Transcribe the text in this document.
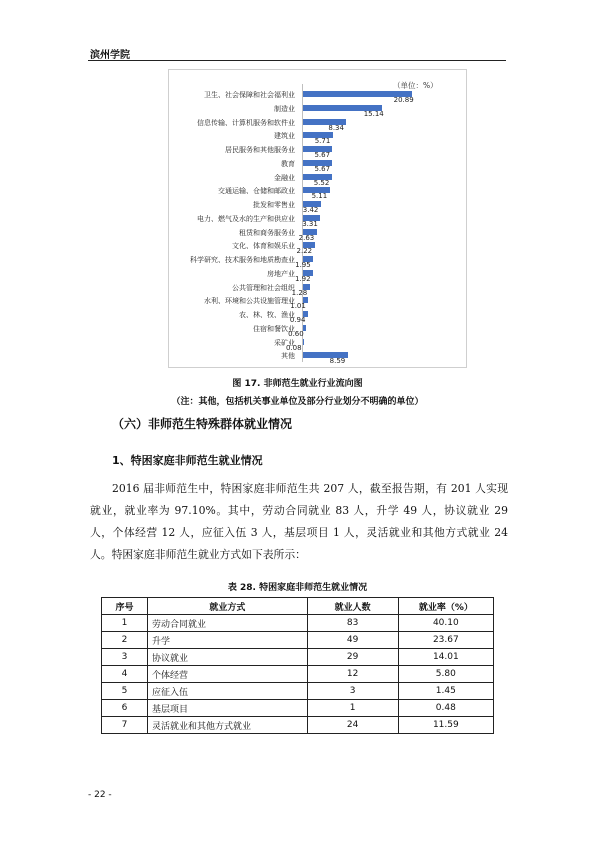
滨州学院
（单位：%）
卫生、社会保障和社会福利业
20.89
制造业
15.14
信息传输、计算机服务和软件业
8.34
建筑业
5.71
居民服务和其他服务业
5.67
教育
5.67
金融业
5.52
交通运输、仓储和邮政业
5.11
批发和零售业
3.42
电力、燃气及水的生产和供应业
3.31
租赁和商务服务业
2.63
文化、体育和娱乐业
2.22
科学研究、技术服务和地质勘查业
1.95
房地产业
1.92
公共管理和社会组织
1.28
水利、环境和公共设施管理业
1.01
农、林、牧、渔业
0.94
住宿和餐饮业
0.60
采矿业
0.08
其他
8.59
图 17. 非师范生就业行业流向图
（注：其他，包括机关事业单位及部分行业划分不明确的单位）
（六）非师范生特殊群体就业情况
1、特困家庭非师范生就业情况

2016 届非师范生中，特困家庭非师范生共 207 人，截至报告期，有 201 人实现就业，就业率为 97.10%。其中，劳动合同就业 83 人，升学 49 人，协议就业 29 人，个体经营 12 人，应征入伍 3 人，基层项目 1 人，灵活就业和其他方式就业 24 人。特困家庭非师范生就业方式如下表所示：

表 28. 特困家庭非师范生就业情况
序号	就业方式	就业人数	就业率（%）
1	劳动合同就业	83	40.10
2	升学	49	23.67
3	协议就业	29	14.01
4	个体经营	12	5.80
5	应征入伍	3	1.45
6	基层项目	1	0.48
7	灵活就业和其他方式就业	24	11.59
- 22 -
